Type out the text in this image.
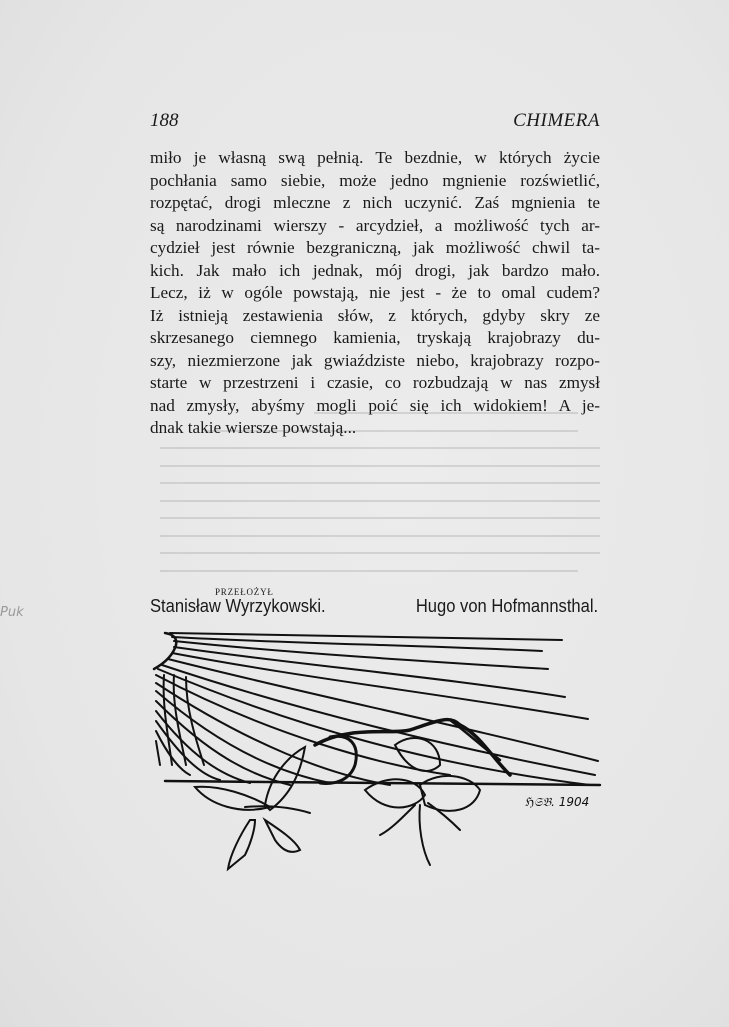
188	CHIMERA
miło je własną swą pełnią. Te bezdnie, w których życie
pochłania samo siebie, może jedno mgnienie rozświetlić,
rozpętać, drogi mleczne z nich uczynić. Zaś mgnienia te
są narodzinami wierszy - arcydzieł, a możliwość tych ar-
cydzieł jest równie bezgraniczną, jak możliwość chwil ta-
kich. Jak mało ich jednak, mój drogi, jak bardzo mało.
Lecz, iż w ogóle powstają, nie jest - że to omal cudem?
Iż istnieją zestawienia słów, z których, gdyby skry ze
skrzesanego ciemnego kamienia, tryskają krajobrazy du-
szy, niezmierzone jak gwiaździste niebo, krajobrazy rozpo-
starte w przestrzeni i czasie, co rozbudzają w nas zmysł
nad zmysły, abyśmy mogli poić się ich widokiem! A je-
dnak takie wiersze powstają...
Puk
PRZEŁOŻYŁ
Stanisław Wyrzykowski.	Hugo von Hofmannsthal.
ℌ𝔖𝔅. 1904
